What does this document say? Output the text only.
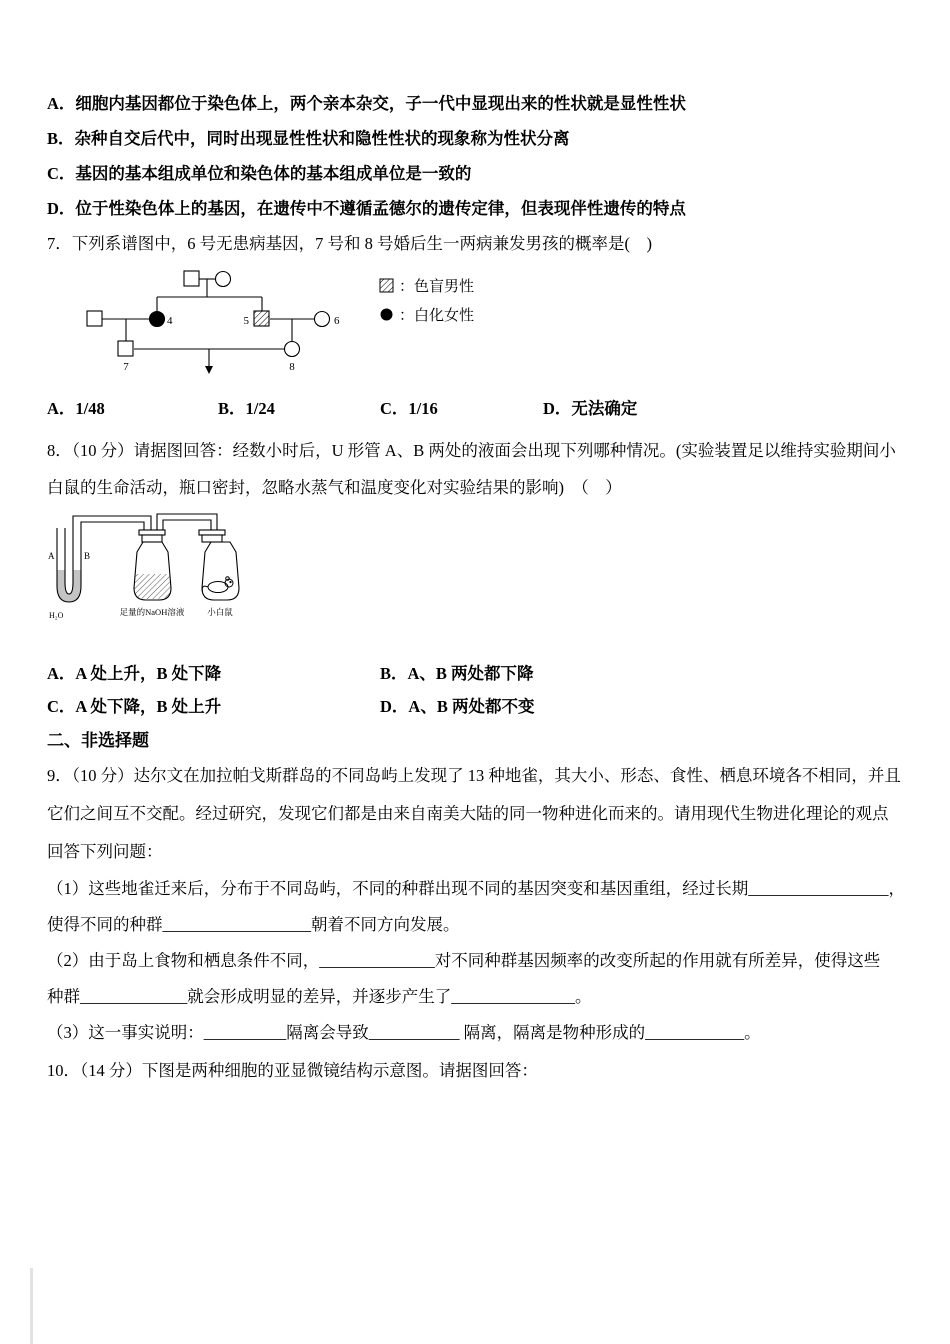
A．细胞内基因都位于染色体上，两个亲本杂交，子一代中显现出来的性状就是显性性状
B．杂种自交后代中，同时出现显性性状和隐性性状的现象称为性状分离
C．基因的基本组成单位和染色体的基本组成单位是一致的
D．位于性染色体上的基因，在遗传中不遵循孟德尔的遗传定律，但表现伴性遗传的特点
7．下列系谱图中，6 号无患病基因，7 号和 8 号婚后生一两病兼发男孩的概率是(　)
4	5	6
7	8
：色盲男性
：白化女性
A．1/48	B．1/24	C．1/16	D．无法确定
8．（10 分）请据图回答：经数小时后，U 形管 A、B 两处的液面会出现下列哪种情况。(实验装置足以维持实验期间小
白鼠的生命活动，瓶口密封，忽略水蒸气和温度变化对实验结果的影响)　（　）
A	B
H₂O	足量的NaOH溶液	小白鼠
A．A 处上升，B 处下降	B．A、B 两处都下降
C．A 处下降，B 处上升	D．A、B 两处都不变
二、非选择题
9．（10 分）达尔文在加拉帕戈斯群岛的不同岛屿上发现了 13 种地雀，其大小、形态、食性、栖息环境各不相同，并且
它们之间互不交配。经过研究，发现它们都是由来自南美大陆的同一物种进化而来的。请用现代生物进化理论的观点
回答下列问题：
（1）这些地雀迁来后，分布于不同岛屿，不同的种群出现不同的基因突变和基因重组，经过长期_________________，
使得不同的种群__________________朝着不同方向发展。
（2）由于岛上食物和栖息条件不同，______________对不同种群基因频率的改变所起的作用就有所差异，使得这些
种群_____________就会形成明显的差异，并逐步产生了_______________。
（3）这一事实说明：__________隔离会导致___________ 隔离，隔离是物种形成的____________。
10．（14 分）下图是两种细胞的亚显微镜结构示意图。请据图回答：
